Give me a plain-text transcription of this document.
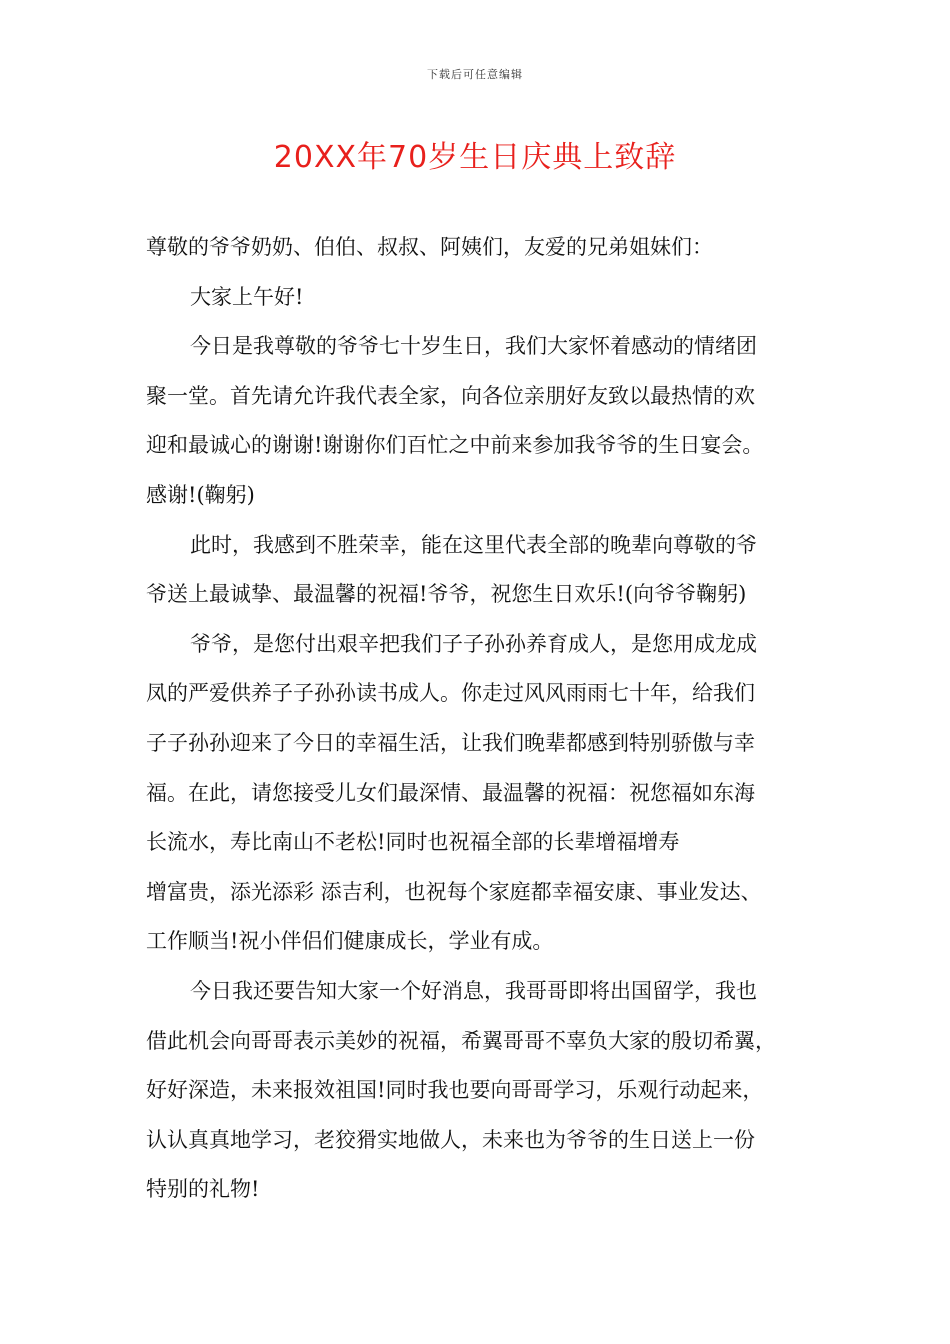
下载后可任意编辑
20XX年70岁生日庆典上致辞
尊敬的爷爷奶奶、伯伯、叔叔、阿姨们，友爱的兄弟姐妹们：
大家上午好!
今日是我尊敬的爷爷七十岁生日，我们大家怀着感动的情绪团
聚一堂。首先请允许我代表全家，向各位亲朋好友致以最热情的欢
迎和最诚心的谢谢!谢谢你们百忙之中前来参加我爷爷的生日宴会。
感谢!(鞠躬)
此时，我感到不胜荣幸，能在这里代表全部的晚辈向尊敬的爷
爷送上最诚挚、最温馨的祝福!爷爷，祝您生日欢乐!(向爷爷鞠躬)
爷爷，是您付出艰辛把我们子子孙孙养育成人，是您用成龙成
凤的严爱供养子子孙孙读书成人。你走过风风雨雨七十年，给我们
子子孙孙迎来了今日的幸福生活，让我们晚辈都感到特别骄傲与幸
福。在此，请您接受儿女们最深情、最温馨的祝福：祝您福如东海
长流水，寿比南山不老松!同时也祝福全部的长辈增福增寿
增富贵，添光添彩 添吉利，也祝每个家庭都幸福安康、事业发达、
工作顺当!祝小伴侣们健康成长，学业有成。
今日我还要告知大家一个好消息，我哥哥即将出国留学，我也
借此机会向哥哥表示美妙的祝福，希翼哥哥不辜负大家的殷切希翼，
好好深造，未来报效祖国!同时我也要向哥哥学习，乐观行动起来，
认认真真地学习，老狡猾实地做人，未来也为爷爷的生日送上一份
特别的礼物!
